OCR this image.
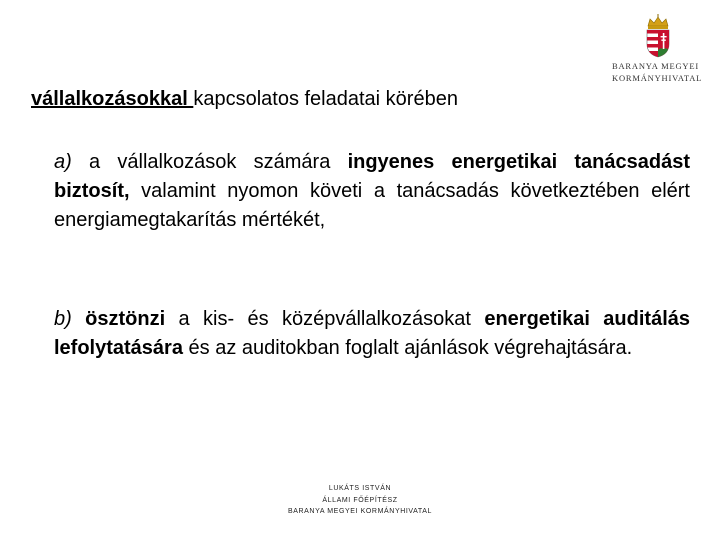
BARANYA MEGYEI
KORMÁNYHIVATAL
vállalkozásokkal kapcsolatos feladatai körében
a) a vállalkozások számára ingyenes energetikai tanácsadást biztosít, valamint nyomon követi a tanácsadás következtében elért energiamegtakarítás mértékét,
b) ösztönzi a kis- és középvállalkozásokat energetikai auditálás lefolytatására és az auditokban foglalt ajánlások végrehajtására.
LUKÁTS ISTVÁN
ÁLLAMI FŐÉPÍTÉSZ
BARANYA MEGYEI KORMÁNYHIVATAL
